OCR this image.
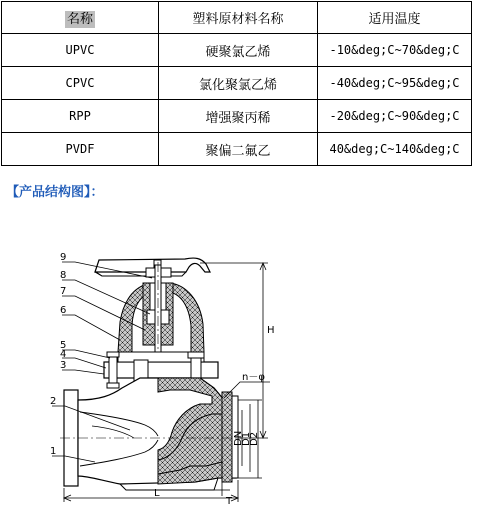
名称	塑料原材料名称	适用温度
UPVC	硬聚氯乙烯	-10&deg;C~70&deg;C
CPVC	氯化聚氯乙烯	-40&deg;C~95&deg;C
RPP	增强聚丙稀	-20&deg;C~90&deg;C
PVDF	聚偏二氟乙	40&deg;C~140&deg;C
【产品结构图】：
9
8
7
6
5
4
3
2
1
H
n－φ
DN
D1
D2
L
T
